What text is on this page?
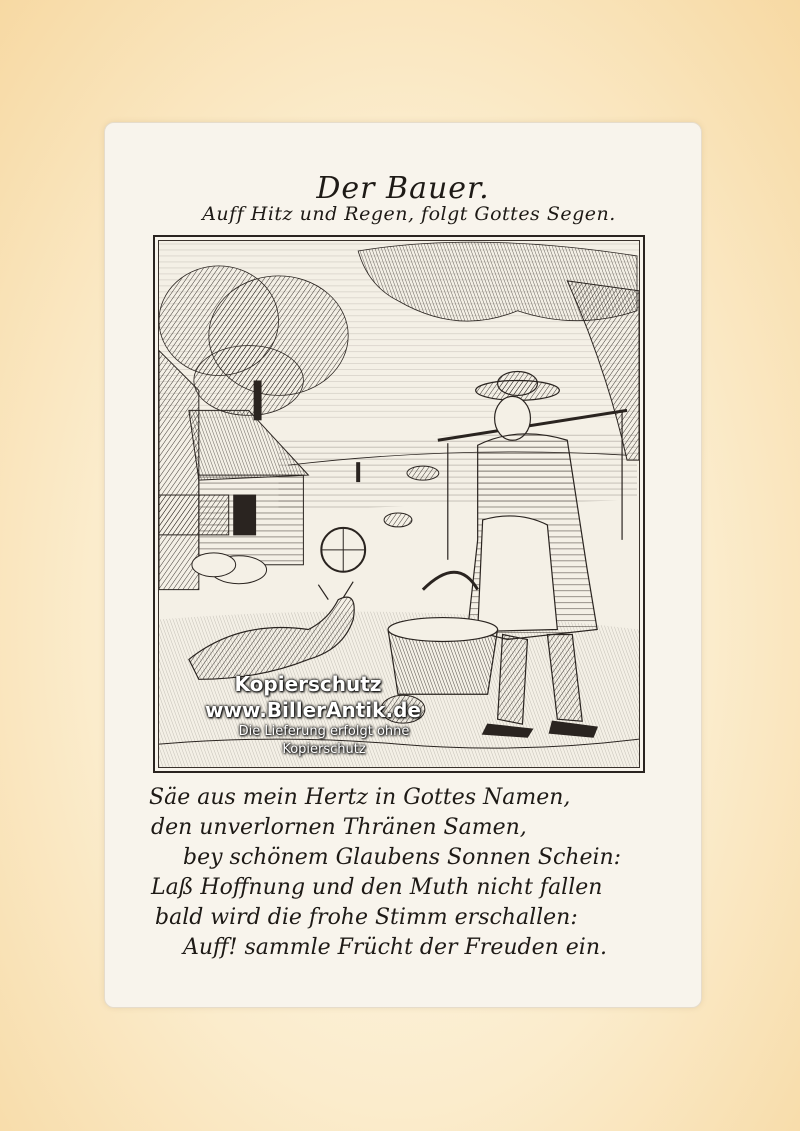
Der Bauer.
Auff Hitz und Regen, folgt Gottes Segen.
Kopierschutz
www.BillerAntik.de
Die Lieferung erfolgt ohne Kopierschutz
Säe aus mein Hertz in Gottes Namen,
den unverlornen Thränen Samen,
bey schönem Glaubens Sonnen Schein:
Laß Hoffnung und den Muth nicht fallen
bald wird die frohe Stimm erschallen:
Auff! sammle Frücht der Freuden ein.
